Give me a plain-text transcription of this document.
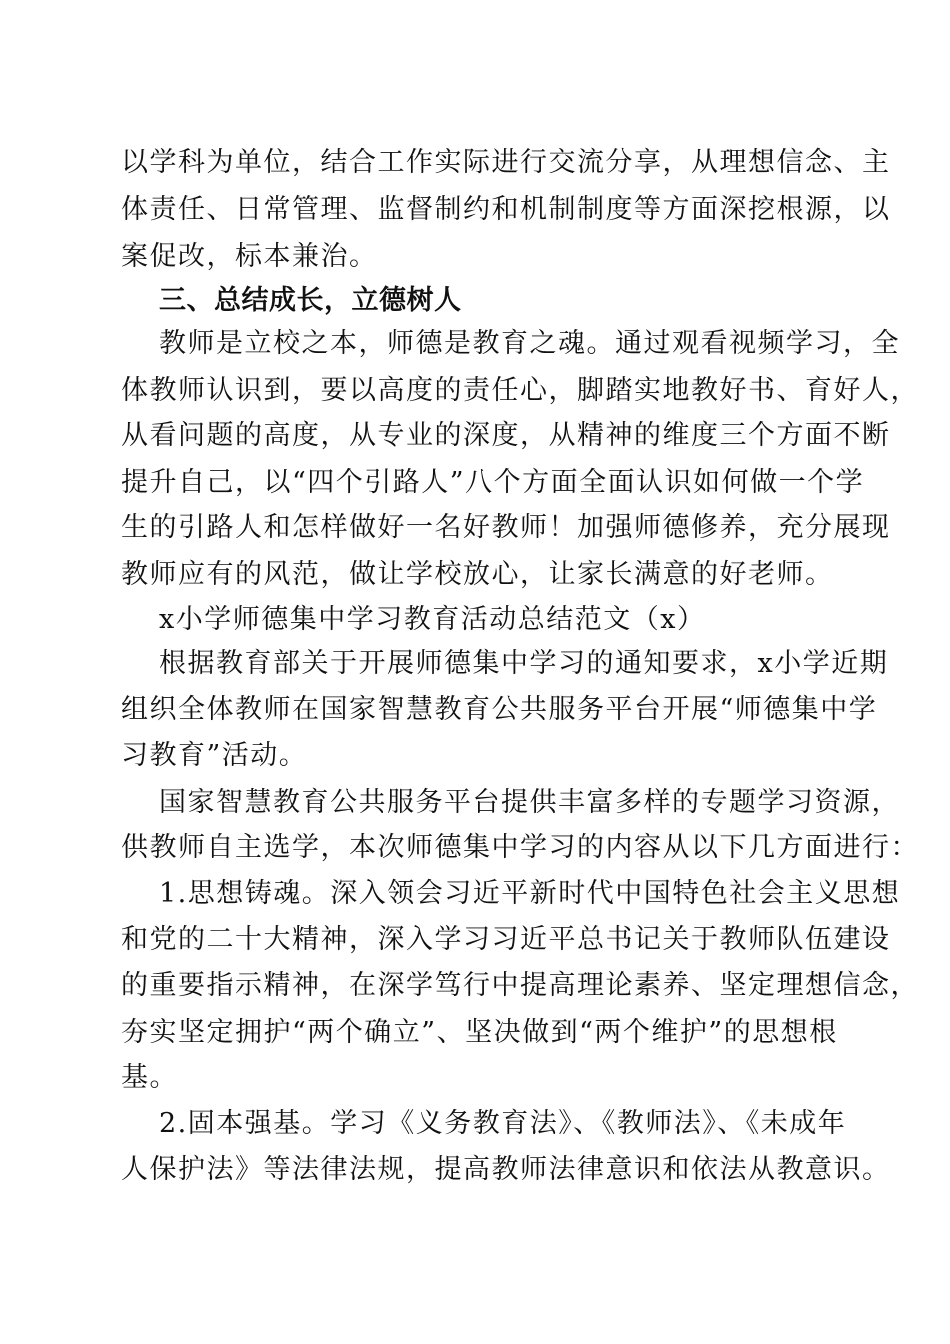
以学科为单位，结合工作实际进行交流分享，从理想信念、主

体责任、日常管理、监督制约和机制制度等方面深挖根源，以

案促改，标本兼治。

三、总结成长，立德树人

教师是立校之本，师德是教育之魂。通过观看视频学习，全

体教师认识到，要以高度的责任心，脚踏实地教好书、育好人，

从看问题的高度，从专业的深度，从精神的维度三个方面不断

提升自己，以“四个引路人”八个方面全面认识如何做一个学

生的引路人和怎样做好一名好教师！加强师德修养，充分展现

教师应有的风范，做让学校放心，让家长满意的好老师。

x小学师德集中学习教育活动总结范文（x）

根据教育部关于开展师德集中学习的通知要求，x小学近期

组织全体教师在国家智慧教育公共服务平台开展“师德集中学

习教育”活动。

国家智慧教育公共服务平台提供丰富多样的专题学习资源，

供教师自主选学，本次师德集中学习的内容从以下几方面进行：

1.思想铸魂。深入领会习近平新时代中国特色社会主义思想

和党的二十大精神，深入学习习近平总书记关于教师队伍建设

的重要指示精神，在深学笃行中提高理论素养、坚定理想信念，

夯实坚定拥护“两个确立”、坚决做到“两个维护”的思想根

基。

2.固本强基。学习《义务教育法》、《教师法》、《未成年

人保护法》等法律法规，提高教师法律意识和依法从教意识。
